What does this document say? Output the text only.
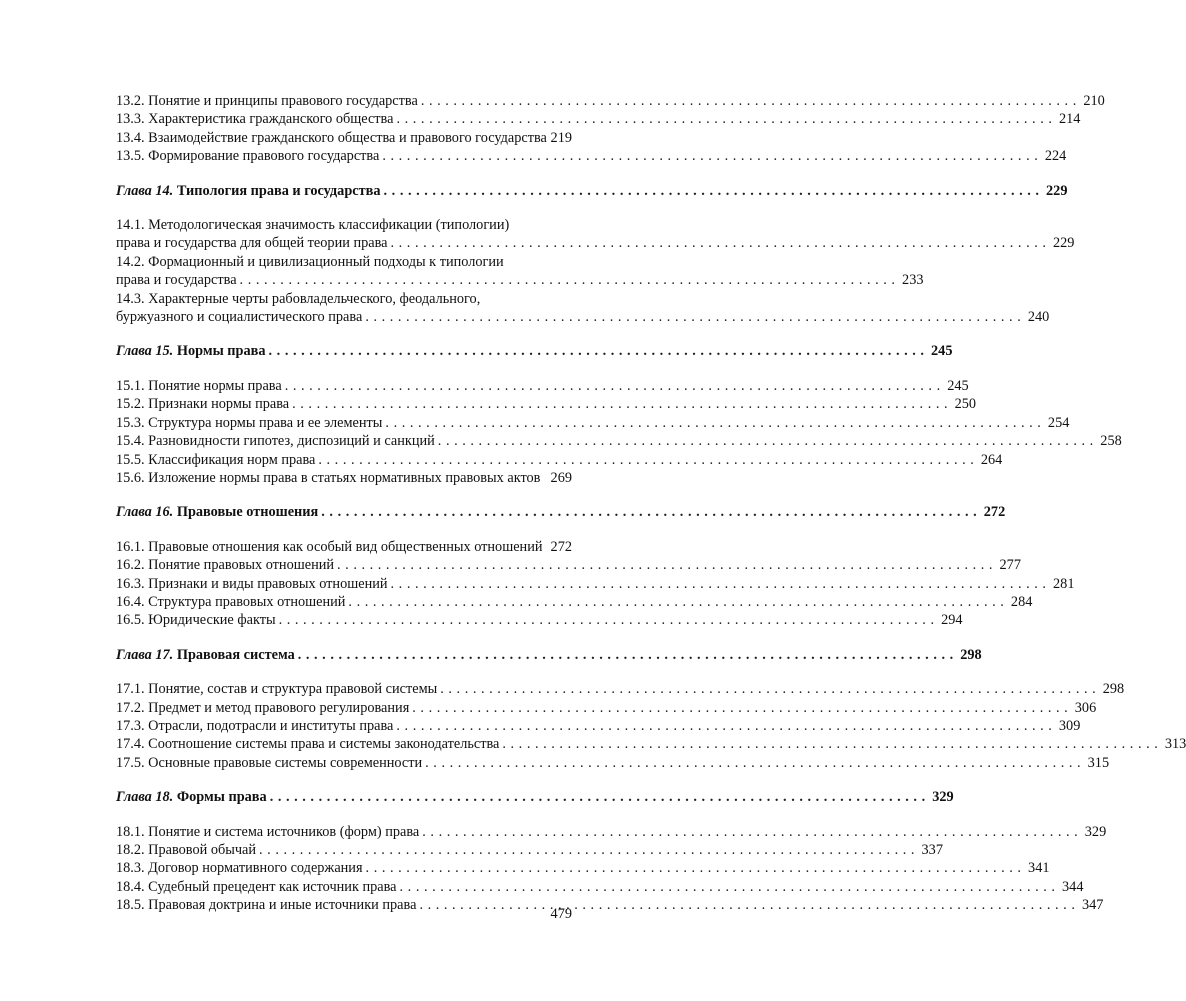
13.2. Понятие и принципы правового государства . . .	210
13.3. Характеристика гражданского общества . . .	214
13.4. Взаимодействие гражданского общества и правового государства 219
13.5. Формирование правового государства . . .	224
Глава 14. Типология права и государства . . .	229
14.1. Методологическая значимость классификации (типологии)
права и государства для общей теории права . . .	229
14.2. Формационный и цивилизационный подходы к типологии
права и государства . . .	233
14.3. Характерные черты рабовладельческого, феодального,
буржуазного и социалистического права . . .	240
Глава 15. Нормы права . . .	245
15.1. Понятие нормы права . . .	245
15.2. Признаки нормы права . . .	250
15.3. Структура нормы права и ее элементы . . .	254
15.4. Разновидности гипотез, диспозиций и санкций . . .	258
15.5. Классификация норм права . . .	264
15.6. Изложение нормы права в статьях нормативных правовых актов 269
Глава 16. Правовые отношения . . .	272
16.1. Правовые отношения как особый вид общественных отношений 272
16.2. Понятие правовых отношений . . .	277
16.3. Признаки и виды правовых отношений . . .	281
16.4. Структура правовых отношений . . .	284
16.5. Юридические факты . . .	294
Глава 17. Правовая система . . .	298
17.1. Понятие, состав и структура правовой системы . . .	298
17.2. Предмет и метод правового регулирования . . .	306
17.3. Отрасли, подотрасли и институты права . . .	309
17.4. Соотношение системы права и системы законодательства . . .	313
17.5. Основные правовые системы современности . . .	315
Глава 18. Формы права . . .	329
18.1. Понятие и система источников (форм) права . . .	329
18.2. Правовой обычай . . .	337
18.3. Договор нормативного содержания . . .	341
18.4. Судебный прецедент как источник права . . .	344
18.5. Правовая доктрина и иные источники права . . .	347
479
